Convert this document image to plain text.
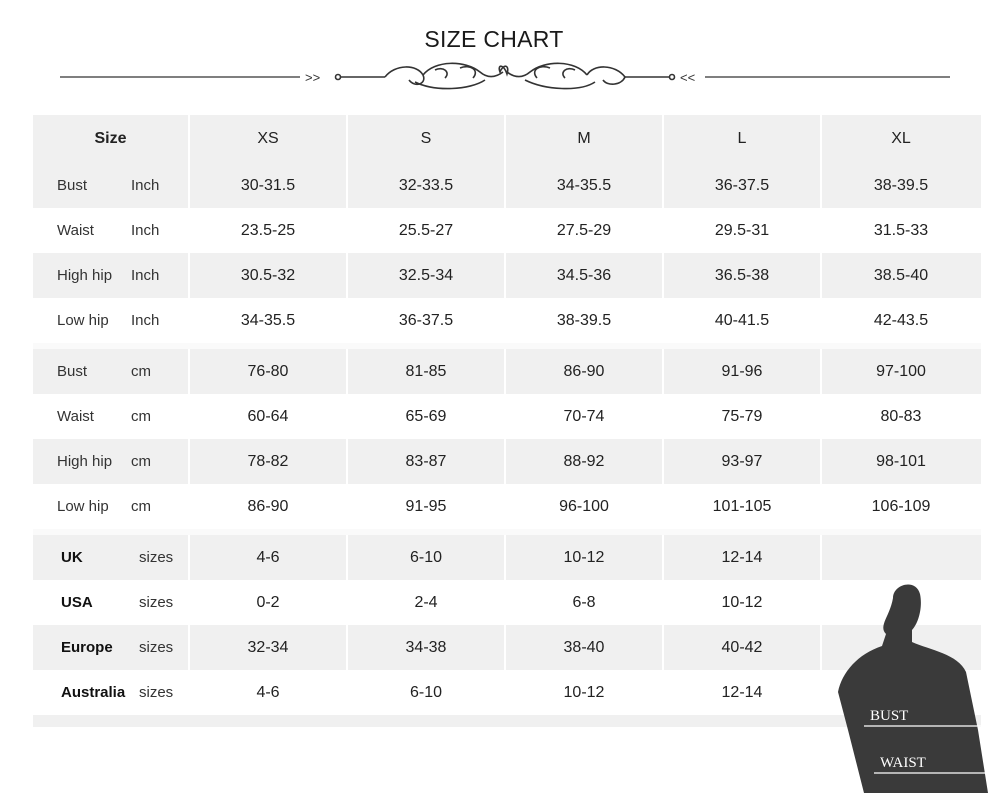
SIZE CHART
>>	<<
Size	XS	S	M	L	XL
Bust	Inch	30-31.5	32-33.5	34-35.5	36-37.5	38-39.5
Waist Inch	23.5-25	25.5-27	27.5-29	29.5-31	31.5-33
High hip Inch	30.5-32	32.5-34	34.5-36	36.5-38	38.5-40
Low hip Inch	34-35.5	36-37.5	38-39.5	40-41.5	42-43.5
Bust	cm	76-80	81-85	86-90	91-96	97-100
Waist cm	60-64	65-69	70-74	75-79	80-83
High hip cm	78-82	83-87	88-92	93-97	98-101
Low hip cm	86-90	91-95	96-100	101-105	106-109
UK	sizes	4-6	6-10	10-12	12-14
USA	sizes	0-2	2-4	6-8	10-12
Europe sizes	32-34	34-38	38-40	40-42
Australia sizes	4-6	6-10	10-12	12-14
BUST
WAIST
